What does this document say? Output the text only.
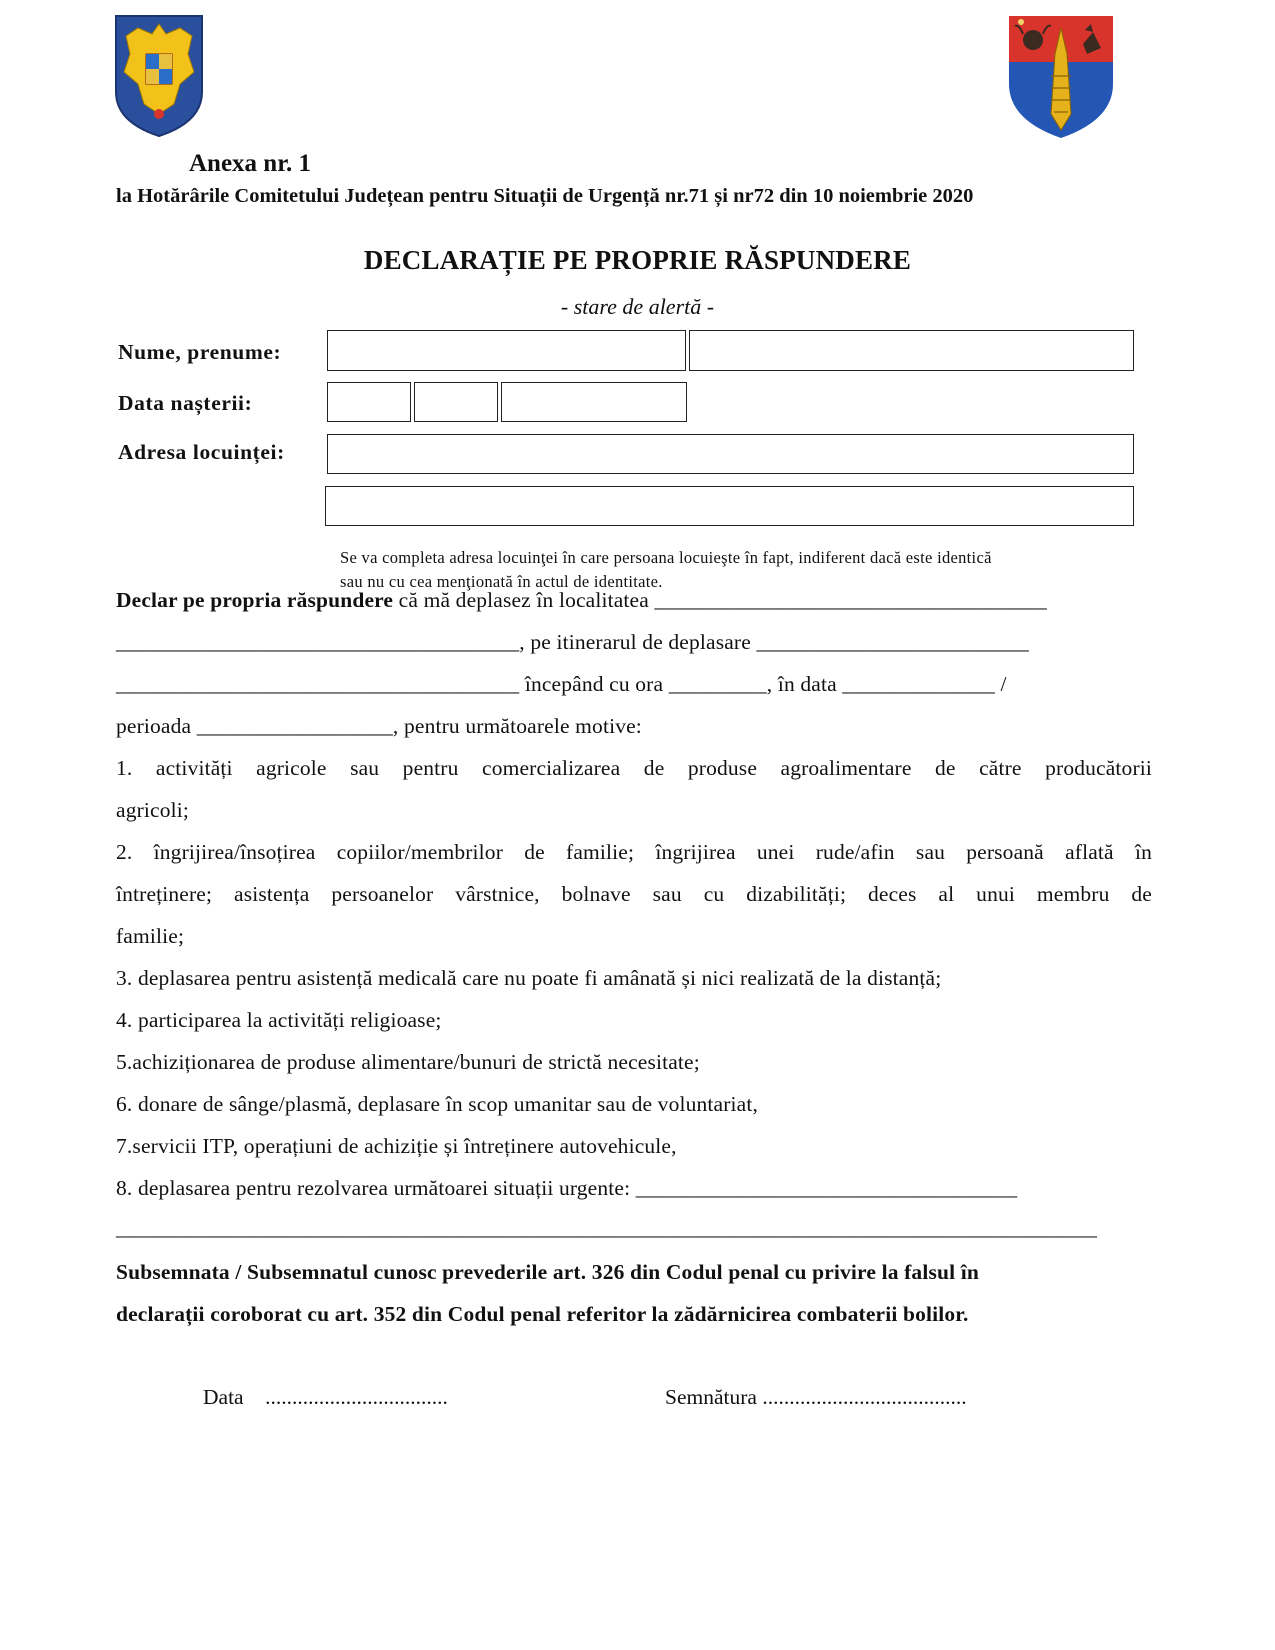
Anexa nr. 1
la Hotărârile Comitetului Județean pentru Situații de Urgență nr.71 și nr72 din 10 noiembrie 2020
DECLARAȚIE PE PROPRIE RĂSPUNDERE
- stare de alertă -
Nume, prenume:
Data nașterii:
Adresa locuinței:
Se va completa adresa locuinţei în care persoana locuieşte în fapt, indiferent dacă este identică
sau nu cu cea menţionată în actul de identitate.
Declar pe propria răspundere că mă deplasez în localitatea ____________________________________
_____________________________________, pe itinerarul de deplasare _________________________
_____________________________________ începând cu ora _________, în data ______________ /
perioada __________________, pentru următoarele motive:
1. activități agricole sau pentru comercializarea de produse agroalimentare de către producătorii
agricoli;
2. îngrijirea/însoțirea copiilor/membrilor de familie; îngrijirea unei rude/afin sau persoană aflată în
întreținere; asistența persoanelor vârstnice, bolnave sau cu dizabilități; deces al unui membru de
familie;
3. deplasarea pentru asistență medicală care nu poate fi amânată și nici realizată de la distanță;
4. participarea la activități religioase;
5.achiziționarea de produse alimentare/bunuri de strictă necesitate;
6. donare de sânge/plasmă, deplasare în scop umanitar sau de voluntariat,
7.servicii ITP, operațiuni de achiziție și întreținere autovehicule,
8. deplasarea pentru rezolvarea următoarei situații urgente: ___________________________________
__________________________________________________________________________________________
Subsemnata / Subsemnatul cunosc prevederile art. 326 din Codul penal cu privire la falsul în
declarații coroborat cu art. 352 din Codul penal referitor la zădărnicirea combaterii bolilor.
Data ..................................	Semnătura ......................................
